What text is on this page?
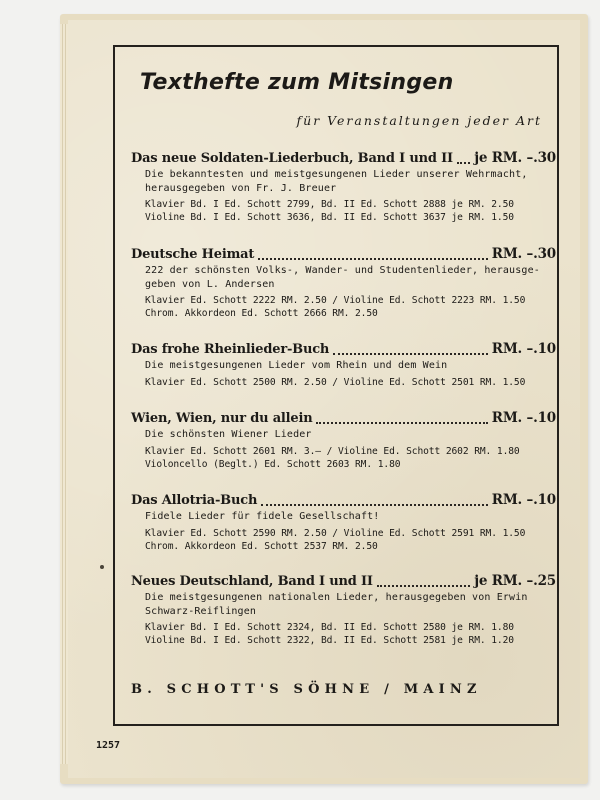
Texthefte zum Mitsingen
für Veranstaltungen jeder Art
Das neue Soldaten-Liederbuch, Band I und II je RM. –.30
Die bekanntesten und meistgesungenen Lieder unserer Wehrmacht,
herausgegeben von Fr. J. Breuer
Klavier Bd. I Ed. Schott 2799, Bd. II Ed. Schott 2888 je RM. 2.50
Violine Bd. I Ed. Schott 3636, Bd. II Ed. Schott 3637 je RM. 1.50
Deutsche Heimat	RM. –.30
222 der schönsten Volks-, Wander- und Studentenlieder, herausge-
geben von L. Andersen
Klavier Ed. Schott 2222 RM. 2.50 / Violine Ed. Schott 2223 RM. 1.50
Chrom. Akkordeon Ed. Schott 2666 RM. 2.50
Das frohe Rheinlieder-Buch	RM. –.10
Die meistgesungenen Lieder vom Rhein und dem Wein
Klavier Ed. Schott 2500 RM. 2.50 / Violine Ed. Schott 2501 RM. 1.50
Wien, Wien, nur du allein	RM. –.10
Die schönsten Wiener Lieder
Klavier Ed. Schott 2601 RM. 3.— / Violine Ed. Schott 2602 RM. 1.80
Violoncello (Beglt.) Ed. Schott 2603 RM. 1.80
Das Allotria-Buch	RM. –.10
Fidele Lieder für fidele Gesellschaft!
Klavier Ed. Schott 2590 RM. 2.50 / Violine Ed. Schott 2591 RM. 1.50
Chrom. Akkordeon Ed. Schott 2537 RM. 2.50
Neues Deutschland, Band I und II	je RM. –.25
Die meistgesungenen nationalen Lieder, herausgegeben von Erwin
Schwarz-Reiflingen
Klavier Bd. I Ed. Schott 2324, Bd. II Ed. Schott 2580 je RM. 1.80
Violine Bd. I Ed. Schott 2322, Bd. II Ed. Schott 2581 je RM. 1.20
B. SCHOTT'S SÖHNE / MAINZ
1257
